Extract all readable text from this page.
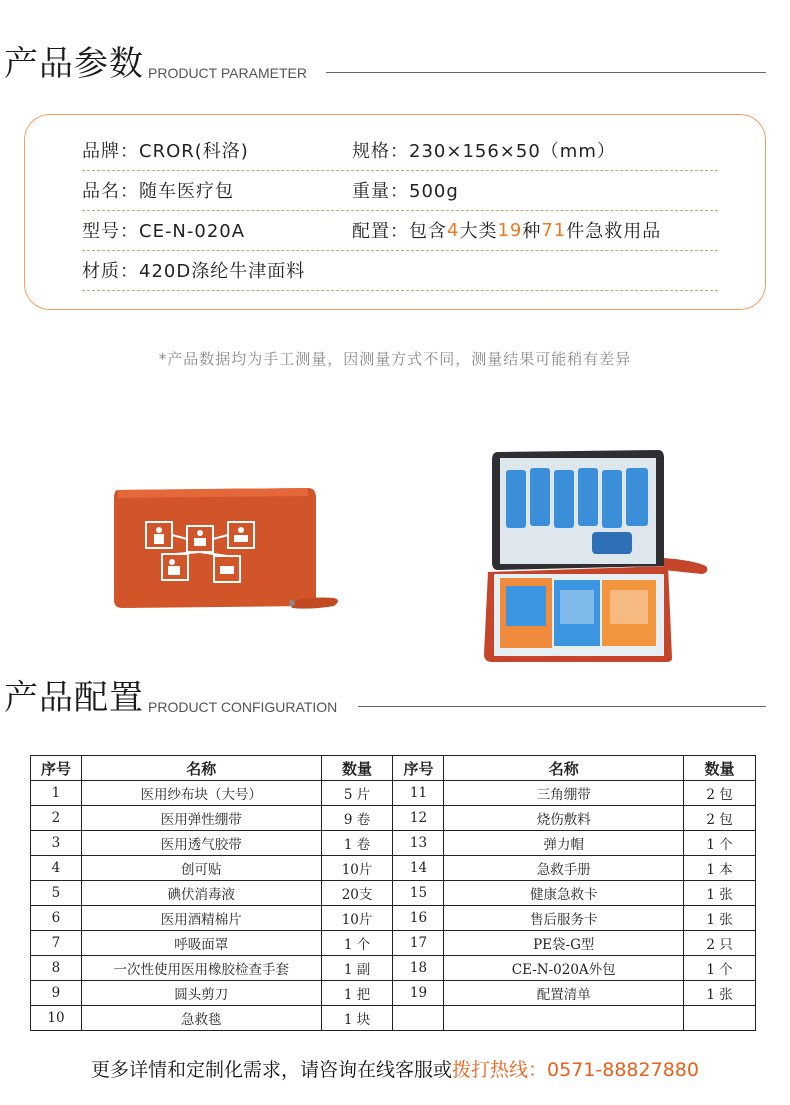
产品参数 PRODUCT PARAMETER
品牌：CROR(科洛)	规格：230×156×50（mm）
品名：随车医疗包	重量：500g
型号：CE-N-020A	配置：包含 4 大类 19 种 71 件急救用品
材质：420D涤纶牛津面料
*产品数据均为手工测量，因测量方式不同，测量结果可能稍有差异
产品配置 PRODUCT CONFIGURATION
序号	名称	数量	序号	名称	数量
1	医用纱布块（大号）	5 片	11	三角绷带	2 包
2	医用弹性绷带	9 卷	12	烧伤敷料	2 包
3	医用透气胶带	1 卷	13	弹力帽	1 个
4	创可贴	10片	14	急救手册	1 本
5	碘伏消毒液	20支	15	健康急救卡	1 张
6	医用酒精棉片	10片	16	售后服务卡	1 张
7	呼吸面罩	1 个	17	PE袋-G型	2 只
8	一次性使用医用橡胶检查手套	1 副	18	CE-N-020A外包	1 个
9	圆头剪刀	1 把	19	配置清单	1 张
10	急救毯	1 块			
更多详情和定制化需求，请咨询在线客服或拨打热线：0571-88827880
